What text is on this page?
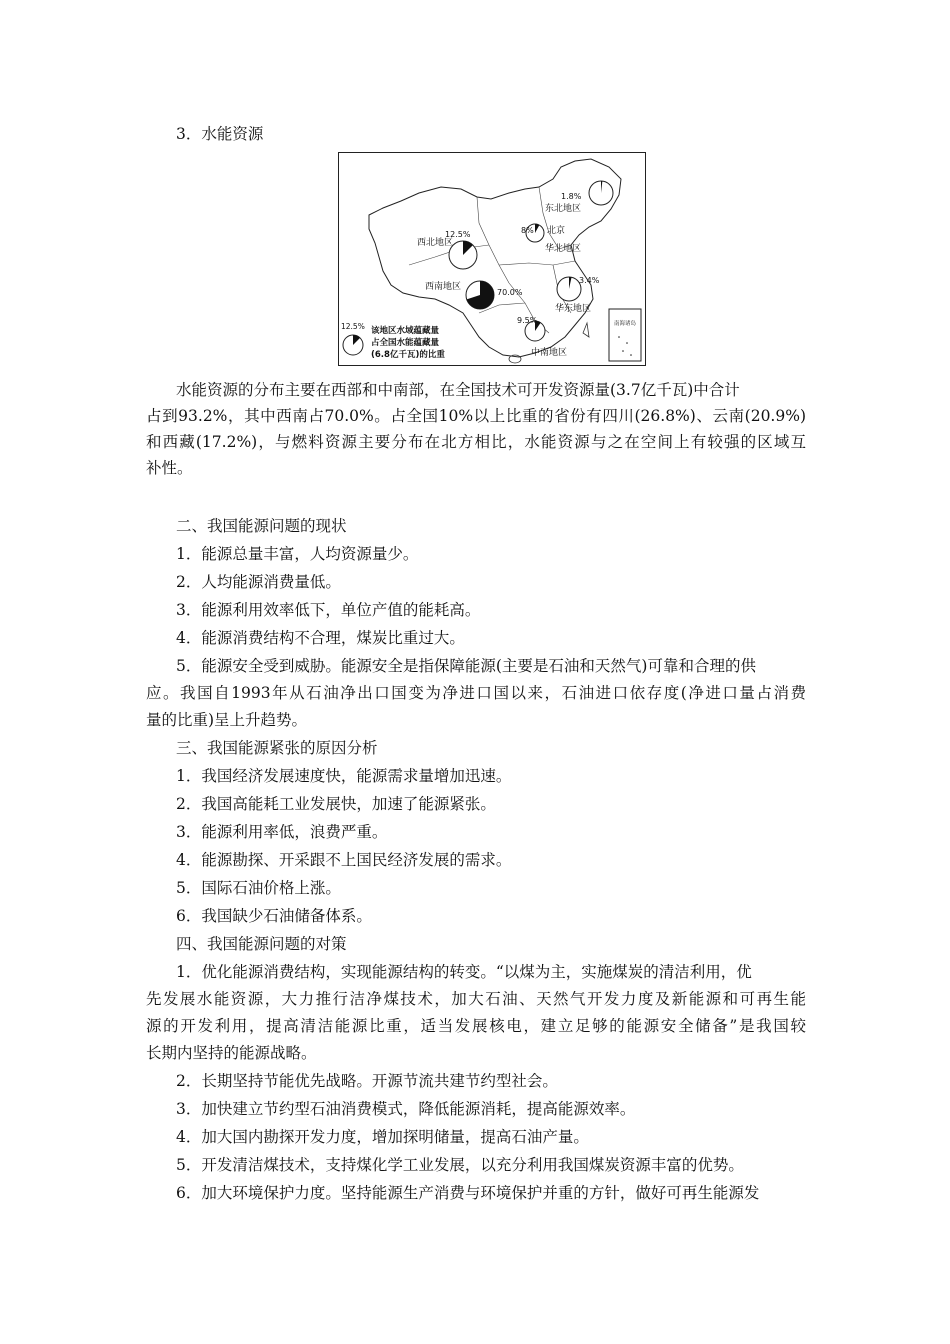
3．水能资源
南海诸岛
东北地区
西北地区
北京
华北地区
西南地区
华东地区
中南地区
1.8%
12.5%	8%
70.0%
3.4%
9.5%
12.5% 该地区水域蕴藏量
占全国水能蕴藏量
(6.8亿千瓦)的比重
水能资源的分布主要在西部和中南部，在全国技术可开发资源量(3.7亿千瓦)中合计
占到93.2%，其中西南占70.0%。占全国10%以上比重的省份有四川(26.8%)、云南(20.9%)
和西藏(17.2%)，与燃料资源主要分布在北方相比，水能资源与之在空间上有较强的区域互
补性。
二、我国能源问题的现状
1．能源总量丰富，人均资源量少。
2．人均能源消费量低。
3．能源利用效率低下，单位产值的能耗高。
4．能源消费结构不合理，煤炭比重过大。
5．能源安全受到威胁。能源安全是指保障能源(主要是石油和天然气)可靠和合理的供
应。我国自1993年从石油净出口国变为净进口国以来，石油进口依存度(净进口量占消费
量的比重)呈上升趋势。
三、我国能源紧张的原因分析
1．我国经济发展速度快，能源需求量增加迅速。
2．我国高能耗工业发展快，加速了能源紧张。
3．能源利用率低，浪费严重。
4．能源勘探、开采跟不上国民经济发展的需求。
5．国际石油价格上涨。
6．我国缺少石油储备体系。
四、我国能源问题的对策
1．优化能源消费结构，实现能源结构的转变。“以煤为主，实施煤炭的清洁利用，优
先发展水能资源，大力推行洁净煤技术，加大石油、天然气开发力度及新能源和可再生能
源的开发利用，提高清洁能源比重，适当发展核电，建立足够的能源安全储备”是我国较
长期内坚持的能源战略。
2．长期坚持节能优先战略。开源节流共建节约型社会。
3．加快建立节约型石油消费模式，降低能源消耗，提高能源效率。
4．加大国内勘探开发力度，增加探明储量，提高石油产量。
5．开发清洁煤技术，支持煤化学工业发展，以充分利用我国煤炭资源丰富的优势。
6．加大环境保护力度。坚持能源生产消费与环境保护并重的方针，做好可再生能源发
